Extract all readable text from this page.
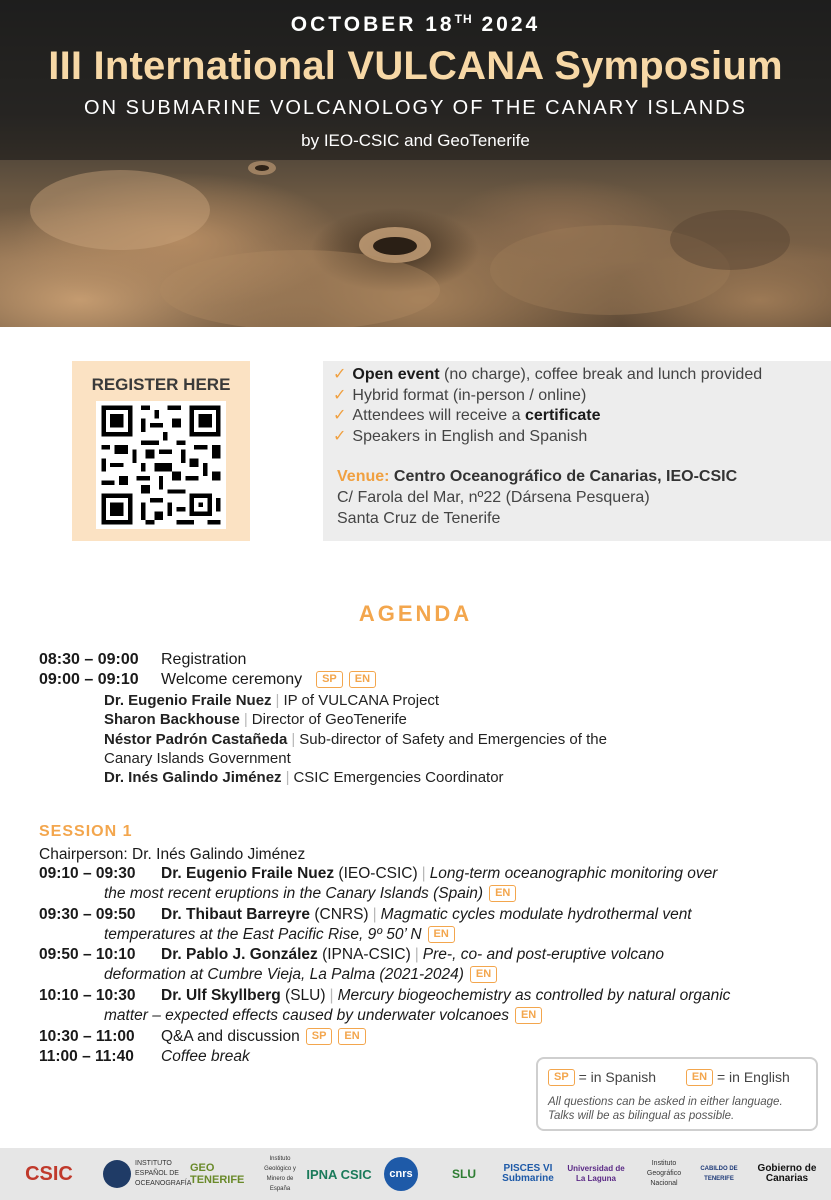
OCTOBER 18TH 2024
III International VULCANA Symposium
ON SUBMARINE VOLCANOLOGY OF THE CANARY ISLANDS
by IEO-CSIC and GeoTenerife
REGISTER HERE
✓ Open event (no charge), coffee break and lunch provided
✓ Hybrid format (in-person / online)
✓ Attendees will receive a certificate
✓ Speakers in English and Spanish
Venue: Centro Oceanográfico de Canarias, IEO-CSIC
C/ Farola del Mar, nº22 (Dársena Pesquera)
Santa Cruz de Tenerife
AGENDA
08:30 – 09:00 Registration
09:00 – 09:10 Welcome ceremony SP EN
Dr. Eugenio Fraile Nuez | IP of VULCANA Project
Sharon Backhouse | Director of GeoTenerife
Néstor Padrón Castañeda | Sub-director of Safety and Emergencies of the
Canary Islands Government
Dr. Inés Galindo Jiménez | CSIC Emergencies Coordinator
SESSION 1
Chairperson: Dr. Inés Galindo Jiménez
09:10 – 09:30 Dr. Eugenio Fraile Nuez (IEO-CSIC) | Long-term oceanographic monitoring over
the most recent eruptions in the Canary Islands (Spain) EN
09:30 – 09:50 Dr. Thibaut Barreyre (CNRS) | Magmatic cycles modulate hydrothermal vent
temperatures at the East Pacific Rise, 9º 50’ N EN
09:50 – 10:10 Dr. Pablo J. González (IPNA-CSIC) | Pre-, co- and post-eruptive volcano
deformation at Cumbre Vieja, La Palma (2021-2024) EN
10:10 – 10:30 Dr. Ulf Skyllberg (SLU) | Mercury biogeochemistry as controlled by natural organic
matter – expected effects caused by underwater volcanoes EN
10:30 – 11:00 Q&A and discussion SP EN
11:00 – 11:40 Coffee break
SP = in Spanish	EN = in English
All questions can be asked in either language.
Talks will be as bilingual as possible.
CSIC	INSTITUTO ESPAÑOL DE OCEANOGRAFÍA
GEO TENERIFE
Instituto Geológico y Minero de España
IPNA CSIC	cnrs	SLU	PISCES VI Submarine
Universidad de La Laguna
Instituto Geográfico Nacional
CABILDO DE TENERIFE
Gobierno de Canarias
